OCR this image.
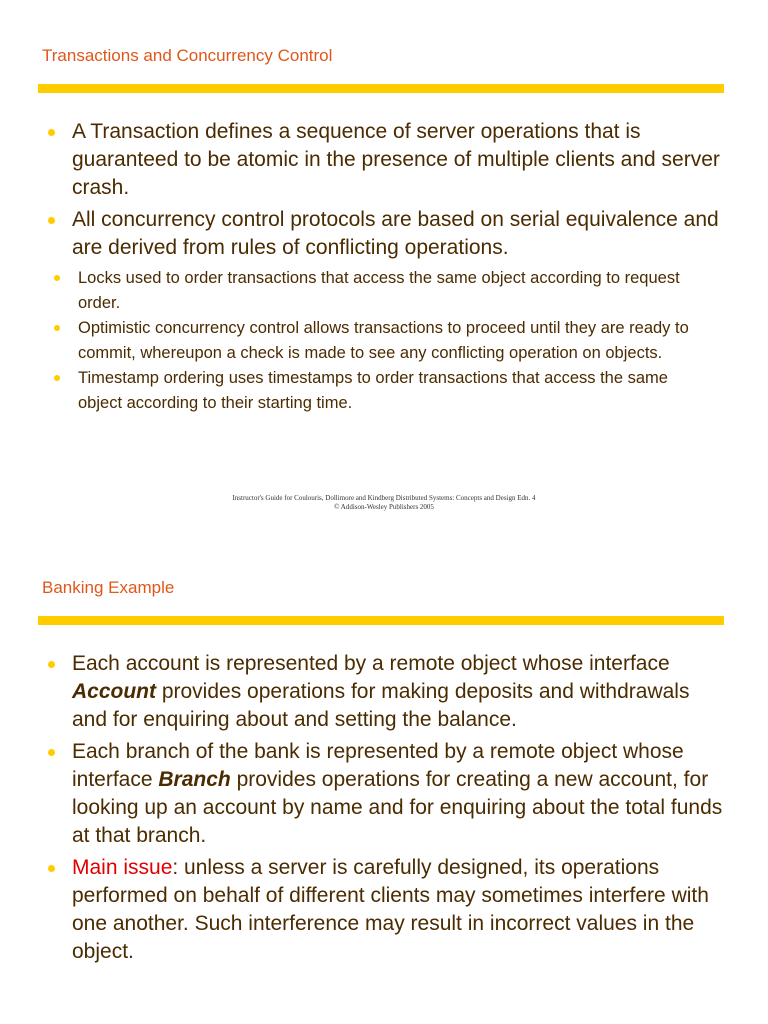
Transactions and Concurrency Control
A Transaction defines a sequence of server operations that is guaranteed to be atomic in the presence of multiple clients and server crash.
All concurrency control protocols are based on serial equivalence and are derived from rules of conflicting operations.
Locks used to order transactions that access the same object according to request order.
Optimistic concurrency control allows transactions to proceed until they are ready to commit, whereupon a check is made to see any conflicting operation on objects.
Timestamp ordering uses timestamps to order transactions that access the same object according to their starting time.
Instructor's Guide for Coulouris, Dollimore and Kindberg Distributed Systems: Concepts and Design Edn. 4
© Addison-Wesley Publishers 2005
Banking Example
Each account is represented by a remote object whose interface Account provides operations for making deposits and withdrawals and for enquiring about and setting the balance.
Each branch of the bank is represented by a remote object whose interface Branch provides operations for creating a new account, for looking up an account by name and for enquiring about the total funds at that branch.
Main issue: unless a server is carefully designed, its operations performed on behalf of different clients may sometimes interfere with one another. Such interference may result in incorrect values in the object.
